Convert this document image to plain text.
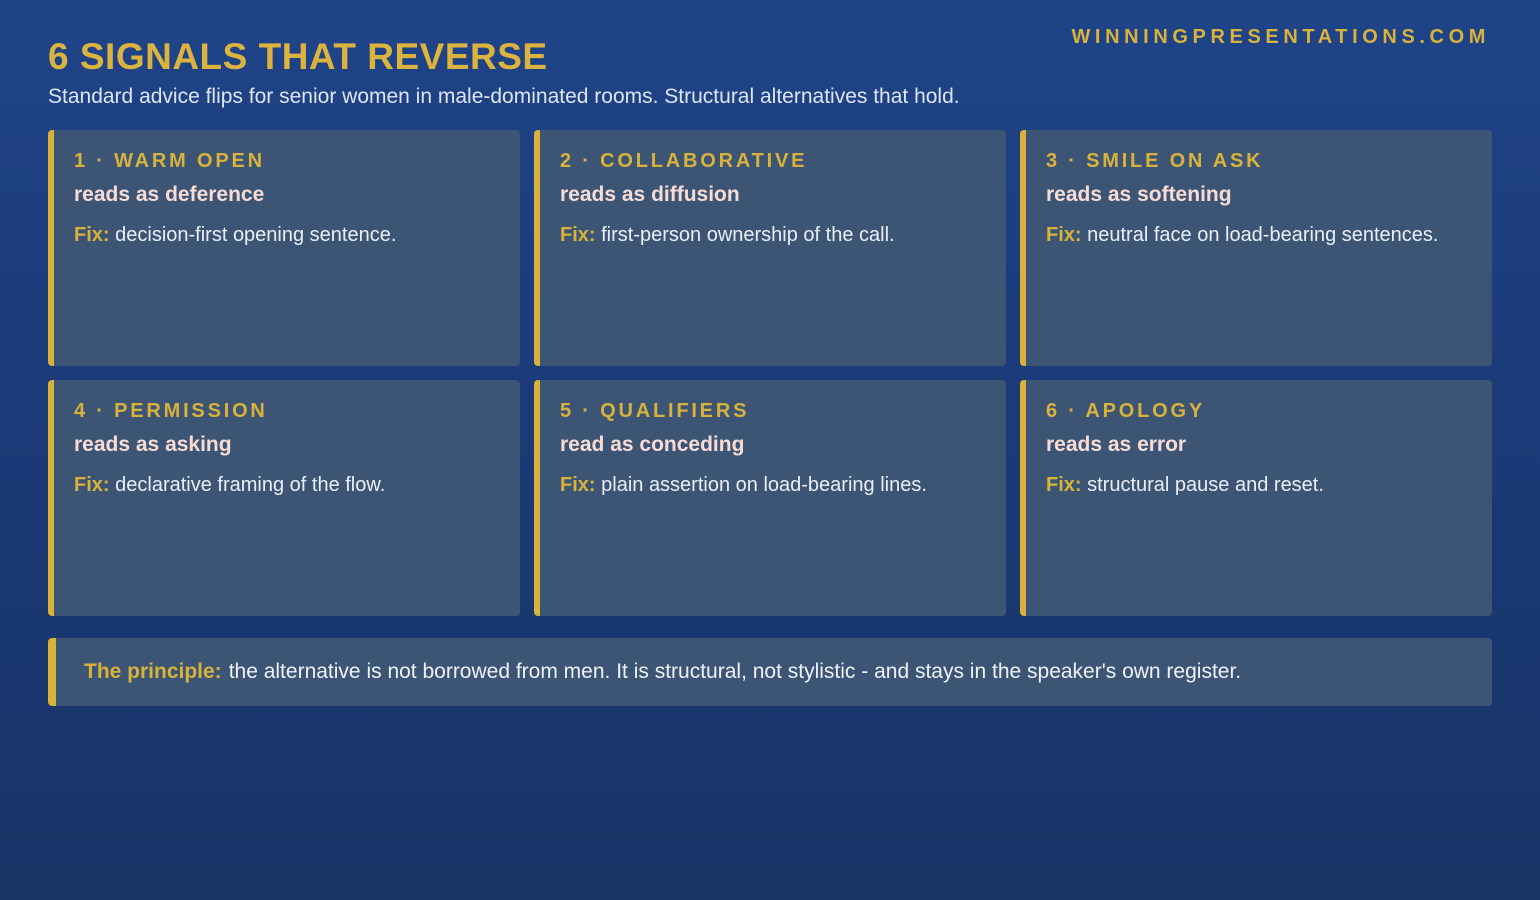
WINNINGPRESENTATIONS.COM
6 SIGNALS THAT REVERSE

Standard advice flips for senior women in male-dominated rooms. Structural alternatives that hold.

1 · WARM OPEN
reads as deference
Fix: decision-first opening sentence.
2 · COLLABORATIVE
reads as diffusion
Fix: first-person ownership of the call.
3 · SMILE ON ASK
reads as softening
Fix: neutral face on load-bearing sentences.
4 · PERMISSION
reads as asking
Fix: declarative framing of the flow.
5 · QUALIFIERS
read as conceding
Fix: plain assertion on load-bearing lines.
6 · APOLOGY
reads as error
Fix: structural pause and reset.
The principle: the alternative is not borrowed from men. It is structural, not stylistic - and stays in the speaker's own register.
